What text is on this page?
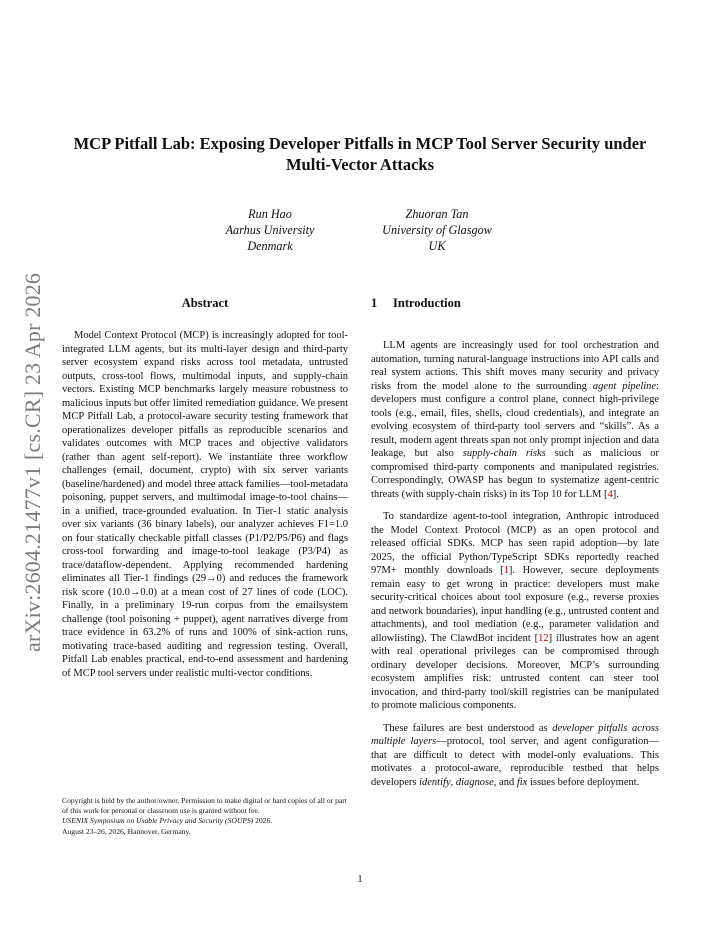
arXiv:2604.21477v1 [cs.CR] 23 Apr 2026
MCP Pitfall Lab: Exposing Developer Pitfalls in MCP Tool Server Security under Multi-Vector Attacks
Run Hao
Aarhus University
Denmark
Zhuoran Tan
University of Glasgow
UK
Abstract

Model Context Protocol (MCP) is increasingly adopted for tool-integrated LLM agents, but its multi-layer design and third-party server ecosystem expand risks across tool metadata, untrusted outputs, cross-tool flows, multimodal inputs, and supply-chain vectors. Existing MCP benchmarks largely measure robustness to malicious inputs but offer limited remediation guidance. We present MCP Pitfall Lab, a protocol-aware security testing framework that operationalizes developer pitfalls as reproducible scenarios and validates outcomes with MCP traces and objective validators (rather than agent self-report). We instantiate three workflow challenges (email, document, crypto) with six server variants (baseline/hardened) and model three attack families—tool-metadata poisoning, puppet servers, and multimodal image-to-tool chains—in a unified, trace-grounded evaluation. In Tier-1 static analysis over six variants (36 binary labels), our analyzer achieves F1=1.0 on four statically checkable pitfall classes (P1/P2/P5/P6) and flags cross-tool forwarding and image-to-tool leakage (P3/P4) as trace/dataflow-dependent. Applying recommended hardening eliminates all Tier-1 findings (29→0) and reduces the framework risk score (10.0→0.0) at a mean cost of 27 lines of code (LOC). Finally, in a preliminary 19-run corpus from the emailsystem challenge (tool poisoning + puppet), agent narratives diverge from trace evidence in 63.2% of runs and 100% of sink-action runs, motivating trace-based auditing and regression testing. Overall, Pitfall Lab enables practical, end-to-end assessment and hardening of MCP tool servers under realistic multi-vector conditions.

1 Introduction

LLM agents are increasingly used for tool orchestration and automation, turning natural-language instructions into API calls and real system actions. This shift moves many security and privacy risks from the model alone to the surrounding agent pipeline: developers must configure a control plane, connect high-privilege tools (e.g., email, files, shells, cloud credentials), and integrate an evolving ecosystem of third-party tool servers and “skills”. As a result, modern agent threats span not only prompt injection and data leakage, but also supply-chain risks such as malicious or compromised third-party components and manipulated registries. Correspondingly, OWASP has begun to systematize agent-centric threats (with supply-chain risks) in its Top 10 for LLM [4].

To standardize agent-to-tool integration, Anthropic introduced the Model Context Protocol (MCP) as an open protocol and released official SDKs. MCP has seen rapid adoption—by late 2025, the official Python/TypeScript SDKs reportedly reached 97M+ monthly downloads [1]. However, secure deployments remain easy to get wrong in practice: developers must make security-critical choices about tool exposure (e.g., reverse proxies and network boundaries), input handling (e.g., untrusted content and attachments), and tool mediation (e.g., parameter validation and allowlisting). The ClawdBot incident [12] illustrates how an agent with real operational privileges can be compromised through ordinary developer decisions. Moreover, MCP’s surrounding ecosystem amplifies risk: untrusted content can steer tool invocation, and third-party tool/skill registries can be manipulated to promote malicious components.

These failures are best understood as developer pitfalls across multiple layers—protocol, tool server, and agent configuration—that are difficult to detect with model-only evaluations. This motivates a protocol-aware, reproducible testbed that helps developers identify, diagnose, and fix issues before deployment.

Copyright is held by the author/owner. Permission to make digital or hard copies of all or part of this work for personal or classroom use is granted without fee.

USENIX Symposium on Usable Privacy and Security (SOUPS) 2026.

August 23–26, 2026, Hannover, Germany.

1
